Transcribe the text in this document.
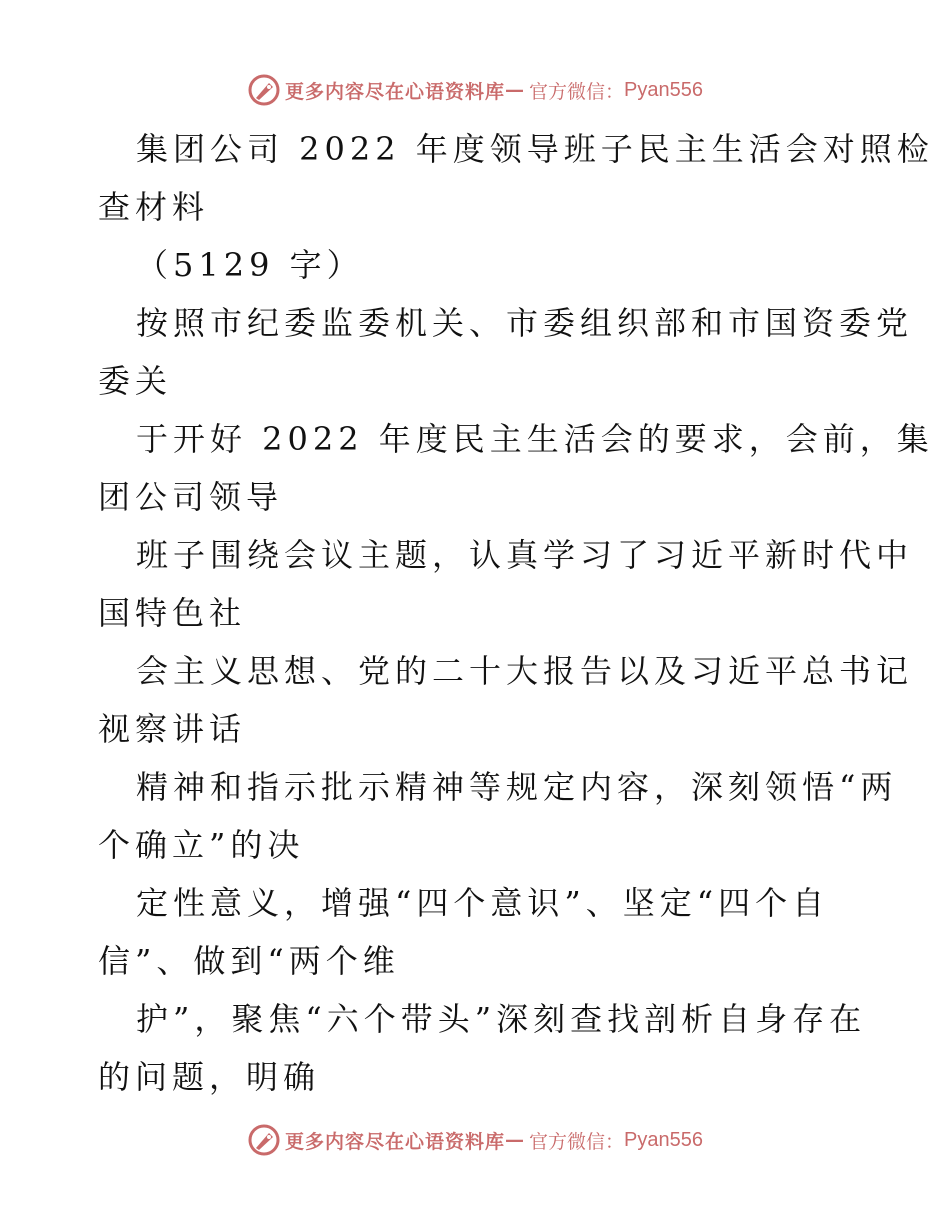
更多内容尽在心语资料库 — 官方微信： Pyan556
集团公司 2022 年度领导班子民主生活会对照检
查材料
（5129 字）
按照市纪委监委机关、市委组织部和市国资委党
委关
于开好 2022 年度民主生活会的要求，会前，集
团公司领导
班子围绕会议主题，认真学习了习近平新时代中
国特色社
会主义思想、党的二十大报告以及习近平总书记
视察讲话
精神和指示批示精神等规定内容，深刻领悟“两
个确立”的决
定性意义，增强“四个意识”、坚定“四个自
信”、做到“两个维
护”，聚焦“六个带头”深刻查找剖析自身存在
的问题，明确
更多内容尽在心语资料库 — 官方微信： Pyan556
